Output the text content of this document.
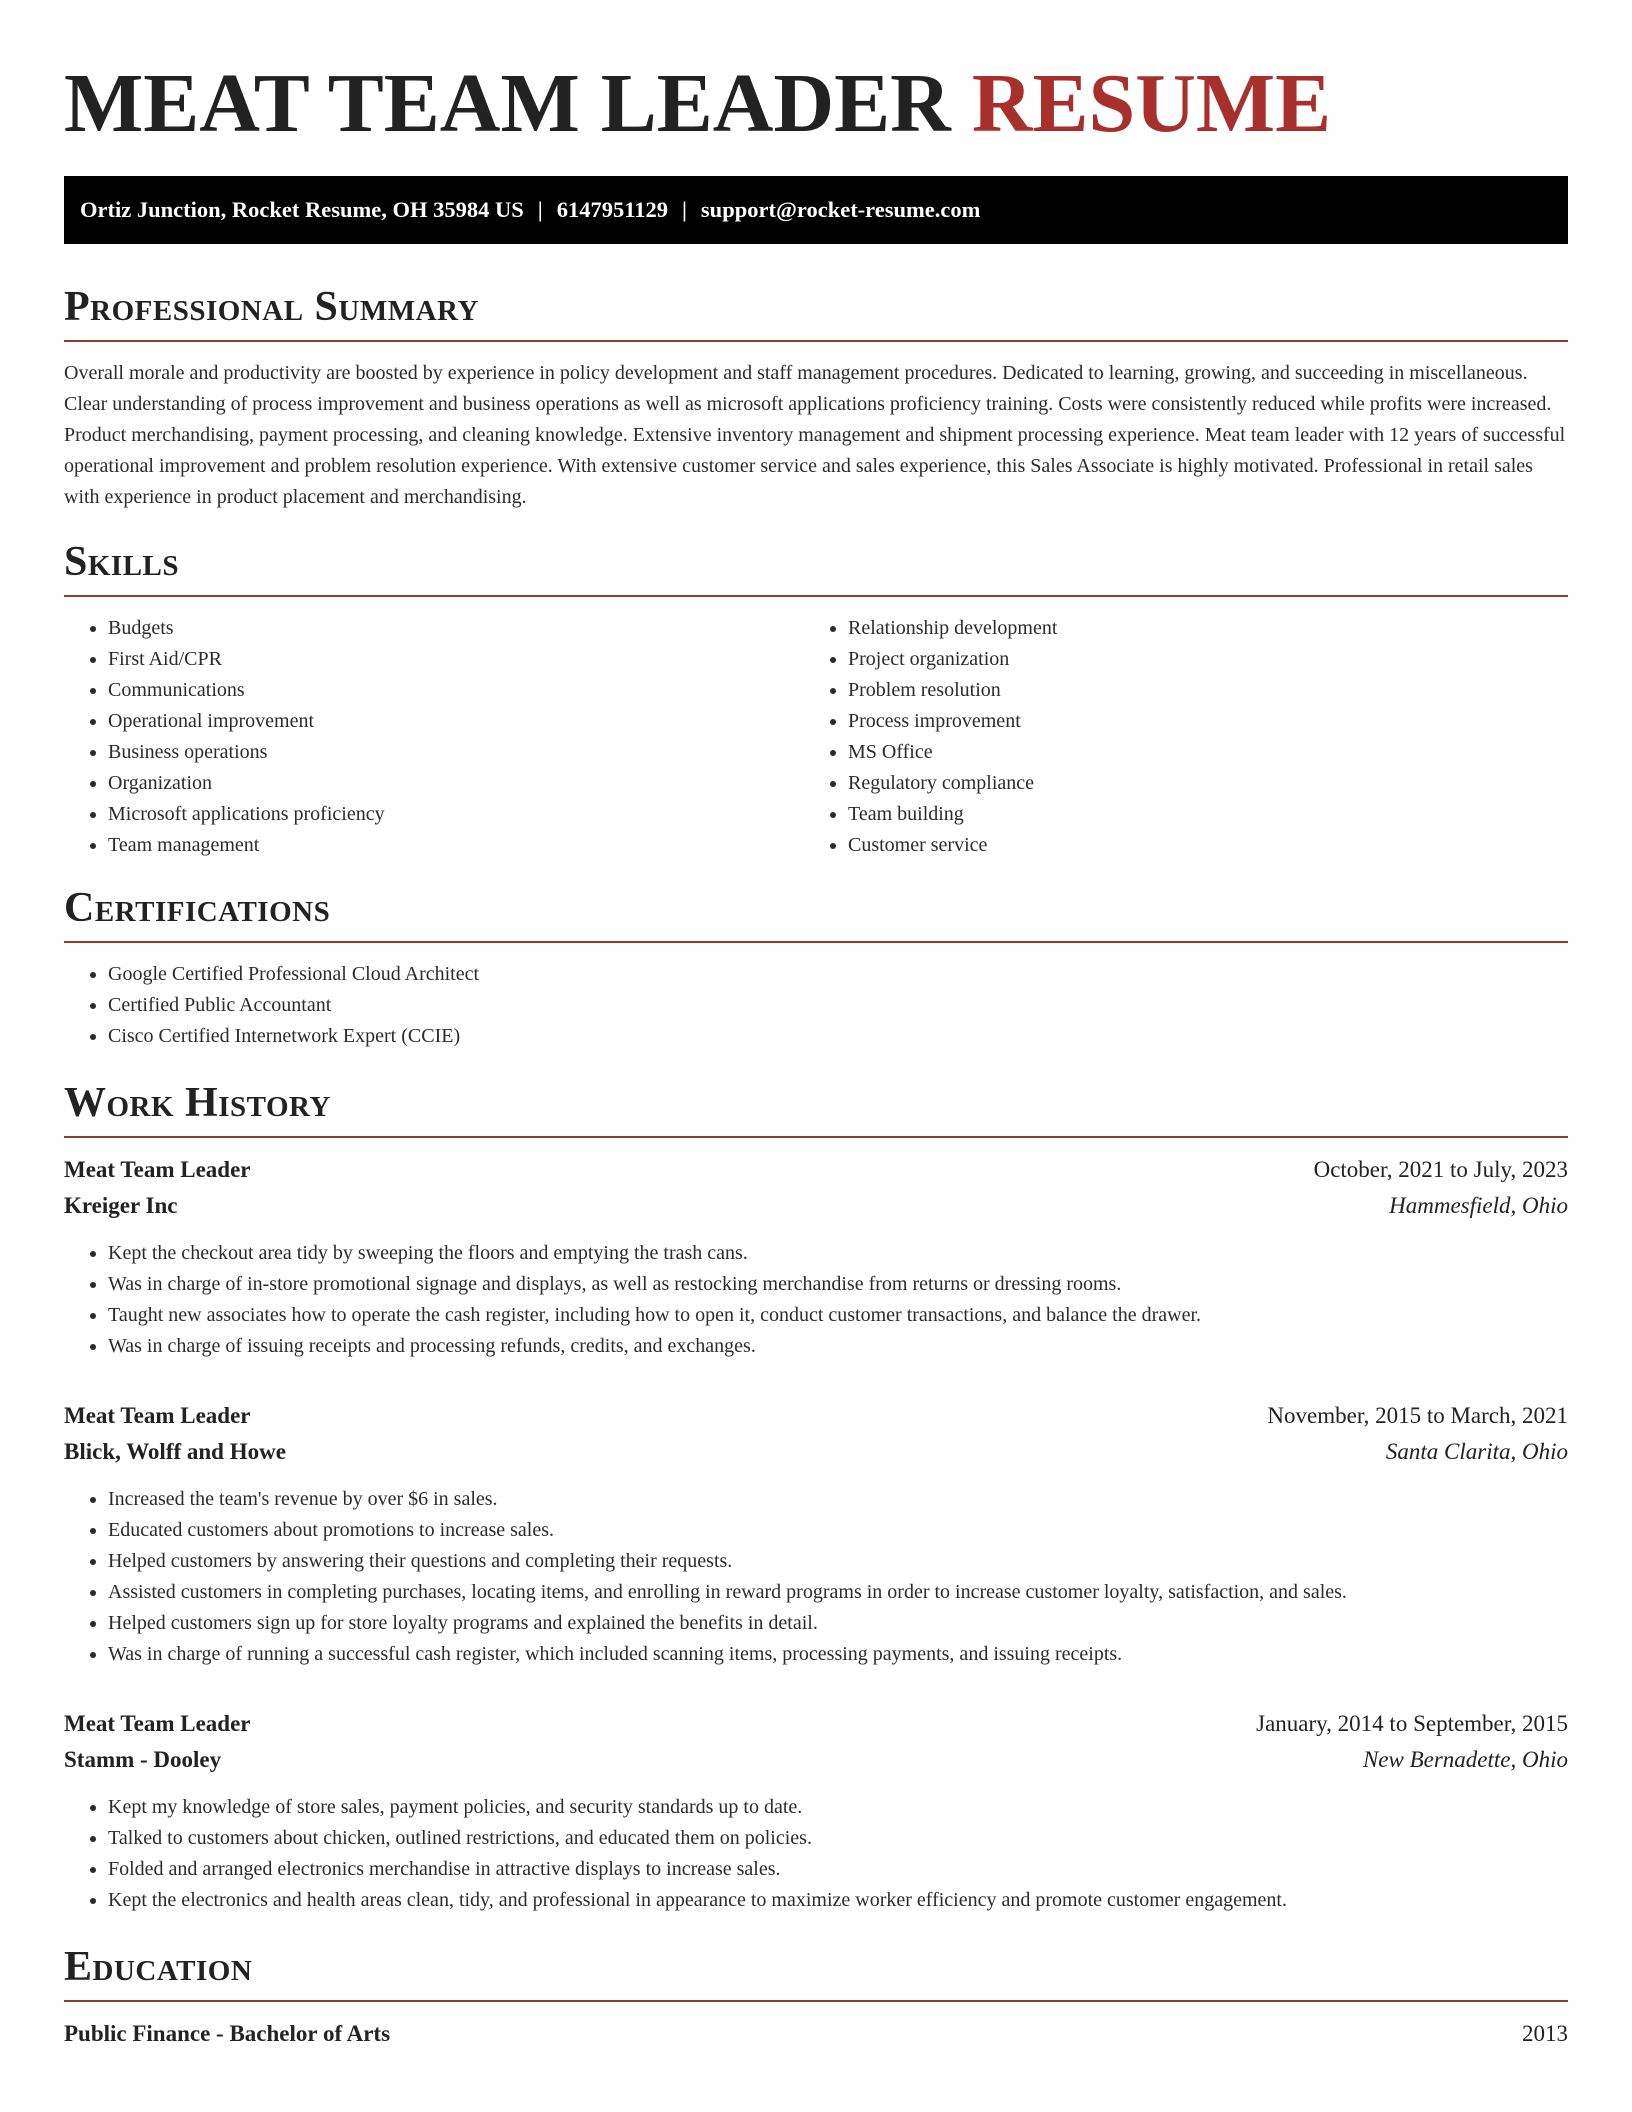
MEAT TEAM LEADER RESUME
Ortiz Junction, Rocket Resume, OH 35984 US | 6147951129 | support@rocket-resume.com
Professional Summary

Overall morale and productivity are boosted by experience in policy development and staff management procedures. Dedicated to learning, growing, and succeeding in miscellaneous. Clear understanding of process improvement and business operations as well as microsoft applications proficiency training. Costs were consistently reduced while profits were increased. Product merchandising, payment processing, and cleaning knowledge. Extensive inventory management and shipment processing experience. Meat team leader with 12 years of successful operational improvement and problem resolution experience. With extensive customer service and sales experience, this Sales Associate is highly motivated. Professional in retail sales with experience in product placement and merchandising.

Skills
• Budgets
• First Aid/CPR
• Communications
• Operational improvement
• Business operations
• Organization
• Microsoft applications proficiency
• Team management
• Relationship development
• Project organization
• Problem resolution
• Process improvement
• MS Office
• Regulatory compliance
• Team building
• Customer service
Certifications
• Google Certified Professional Cloud Architect
• Certified Public Accountant
• Cisco Certified Internetwork Expert (CCIE)
Work History
Meat Team Leader	October, 2021 to July, 2023
Kreiger Inc	Hammesfield, Ohio
• Kept the checkout area tidy by sweeping the floors and emptying the trash cans.
• Was in charge of in-store promotional signage and displays, as well as restocking merchandise from returns or dressing rooms.
• Taught new associates how to operate the cash register, including how to open it, conduct customer transactions, and balance the drawer.
• Was in charge of issuing receipts and processing refunds, credits, and exchanges.
Meat Team Leader	November, 2015 to March, 2021
Blick, Wolff and Howe	Santa Clarita, Ohio
• Increased the team's revenue by over $6 in sales.
• Educated customers about promotions to increase sales.
• Helped customers by answering their questions and completing their requests.
• Assisted customers in completing purchases, locating items, and enrolling in reward programs in order to increase customer loyalty, satisfaction, and sales.
• Helped customers sign up for store loyalty programs and explained the benefits in detail.
• Was in charge of running a successful cash register, which included scanning items, processing payments, and issuing receipts.
Meat Team Leader	January, 2014 to September, 2015
Stamm - Dooley	New Bernadette, Ohio
• Kept my knowledge of store sales, payment policies, and security standards up to date.
• Talked to customers about chicken, outlined restrictions, and educated them on policies.
• Folded and arranged electronics merchandise in attractive displays to increase sales.
• Kept the electronics and health areas clean, tidy, and professional in appearance to maximize worker efficiency and promote customer engagement.
Education
Public Finance - Bachelor of Arts	2013
